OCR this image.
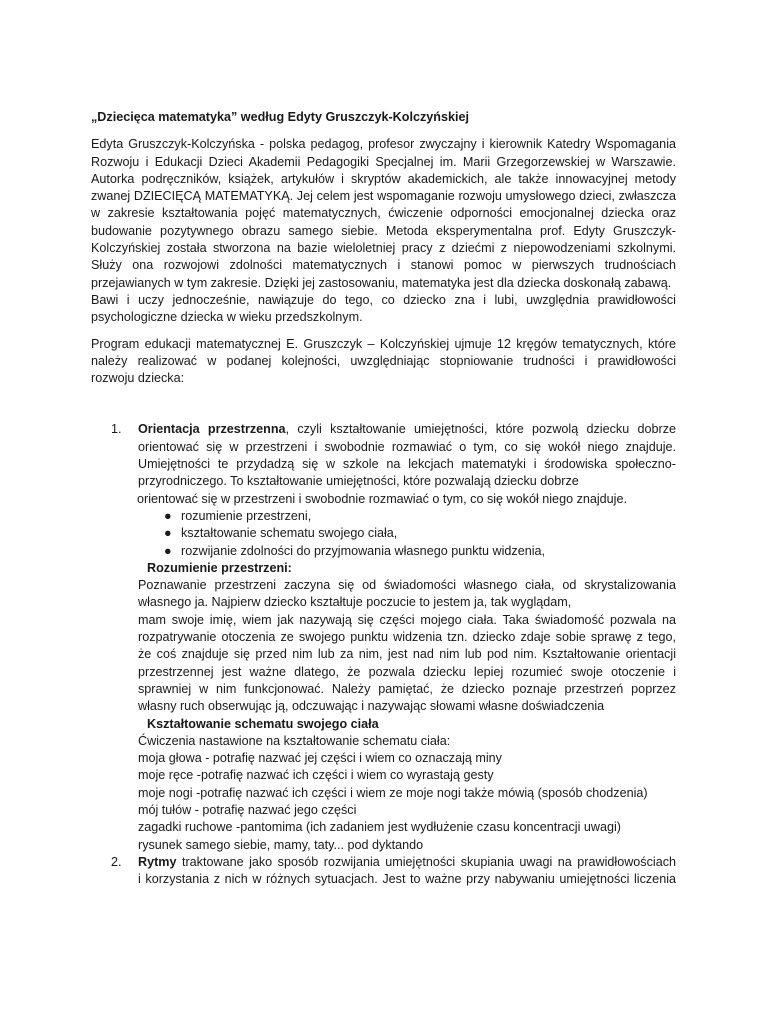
„Dziecięca matematyka” według Edyty Gruszczyk-Kolczyńskiej

Edyta Gruszczyk-Kolczyńska - polska pedagog, profesor zwyczajny i kierownik Katedry Wspomagania
Rozwoju i Edukacji Dzieci Akademii Pedagogiki Specjalnej im. Marii Grzegorzewskiej w Warszawie.
Autorka podręczników, książek, artykułów i skryptów akademickich, ale także innowacyjnej metody
zwanej DZIECIĘCĄ MATEMATYKĄ. Jej celem jest wspomaganie rozwoju umysłowego dzieci, zwłaszcza
w zakresie kształtowania pojęć matematycznych, ćwiczenie odporności emocjonalnej dziecka oraz
budowanie pozytywnego obrazu samego siebie. Metoda eksperymentalna prof. Edyty Gruszczyk-
Kolczyńskiej została stworzona na bazie wieloletniej pracy z dziećmi z niepowodzeniami szkolnymi.
Służy ona rozwojowi zdolności matematycznych i stanowi pomoc w pierwszych trudnościach
przejawianych w tym zakresie. Dzięki jej zastosowaniu, matematyka jest dla dziecka doskonałą zabawą.
Bawi i uczy jednocześnie, nawiązuje do tego, co dziecko zna i lubi, uwzględnia prawidłowości
psychologiczne dziecka w wieku przedszkolnym.
Program edukacji matematycznej E. Gruszczyk – Kolczyńskiej ujmuje 12 kręgów tematycznych, które
należy realizować w podanej kolejności, uwzględniając stopniowanie trudności i prawidłowości
rozwoju dziecka:
1. Orientacja przestrzenna, czyli kształtowanie umiejętności, które pozwolą dziecku dobrze
orientować się w przestrzeni i swobodnie rozmawiać o tym, co się wokół niego znajduje.
Umiejętności te przydadzą się w szkole na lekcjach matematyki i środowiska społeczno-
przyrodniczego. To kształtowanie umiejętności, które pozwalają dziecku dobrze
orientować się w przestrzeni i swobodnie rozmawiać o tym, co się wokół niego znajduje.
● rozumienie przestrzeni,
● kształtowanie schematu swojego ciała,
● rozwijanie zdolności do przyjmowania własnego punktu widzenia,
Rozumienie przestrzeni:
Poznawanie przestrzeni zaczyna się od świadomości własnego ciała, od skrystalizowania
własnego ja. Najpierw dziecko kształtuje poczucie to jestem ja, tak wyglądam,
mam swoje imię, wiem jak nazywają się części mojego ciała. Taka świadomość pozwala na
rozpatrywanie otoczenia ze swojego punktu widzenia tzn. dziecko zdaje sobie sprawę z tego,
że coś znajduje się przed nim lub za nim, jest nad nim lub pod nim. Kształtowanie orientacji
przestrzennej jest ważne dlatego, że pozwala dziecku lepiej rozumieć swoje otoczenie i
sprawniej w nim funkcjonować. Należy pamiętać, że dziecko poznaje przestrzeń poprzez
własny ruch obserwując ją, odczuwając i nazywając słowami własne doświadczenia
Kształtowanie schematu swojego ciała
Ćwiczenia nastawione na kształtowanie schematu ciała:
moja głowa - potrafię nazwać jej części i wiem co oznaczają miny
moje ręce -potrafię nazwać ich części i wiem co wyrastają gesty
moje nogi -potrafię nazwać ich części i wiem ze moje nogi także mówią (sposób chodzenia)
mój tułów - potrafię nazwać jego części
zagadki ruchowe -pantomima (ich zadaniem jest wydłużenie czasu koncentracji uwagi)
rysunek samego siebie, mamy, taty... pod dyktando
2. Rytmy traktowane jako sposób rozwijania umiejętności skupiania uwagi na prawidłowościach
i korzystania z nich w różnych sytuacjach. Jest to ważne przy nabywaniu umiejętności liczenia
